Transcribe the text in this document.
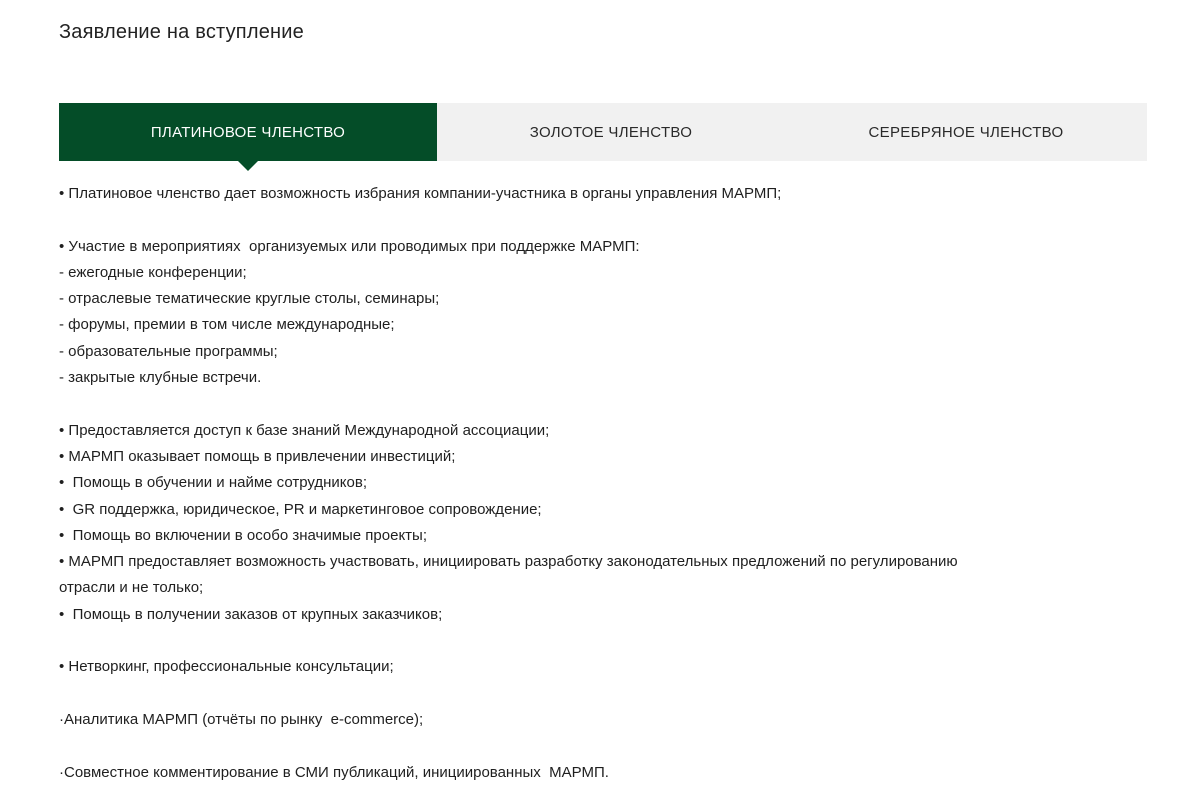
Заявление на вступление
ПЛАТИНОВОЕ ЧЛЕНСТВО	ЗОЛОТОЕ ЧЛЕНСТВО	СЕРЕБРЯНОЕ ЧЛЕНСТВО
• Платиновое членство дает возможность избрания компании-участника в органы управления МАРМП;
• Участие в мероприятиях  организуемых или проводимых при поддержке МАРМП:
- ежегодные конференции;
- отраслевые тематические круглые столы, семинары;
- форумы, премии в том числе международные;
- образовательные программы;
- закрытые клубные встречи.
• Предоставляется доступ к базе знаний Международной ассоциации;
• МАРМП оказывает помощь в привлечении инвестиций;
•  Помощь в обучении и найме сотрудников;
•  GR поддержка, юридическое, PR и маркетинговое сопровождение;
•  Помощь во включении в особо значимые проекты;
• МАРМП предоставляет возможность участвовать, инициировать разработку законодательных предложений по регулированию
отрасли и не только;
•  Помощь в получении заказов от крупных заказчиков;
• Нетворкинг, профессиональные консультации;
·Аналитика МАРМП (отчёты по рынку  e-commerce);
·Совместное комментирование в СМИ публикаций, инициированных  МАРМП.
